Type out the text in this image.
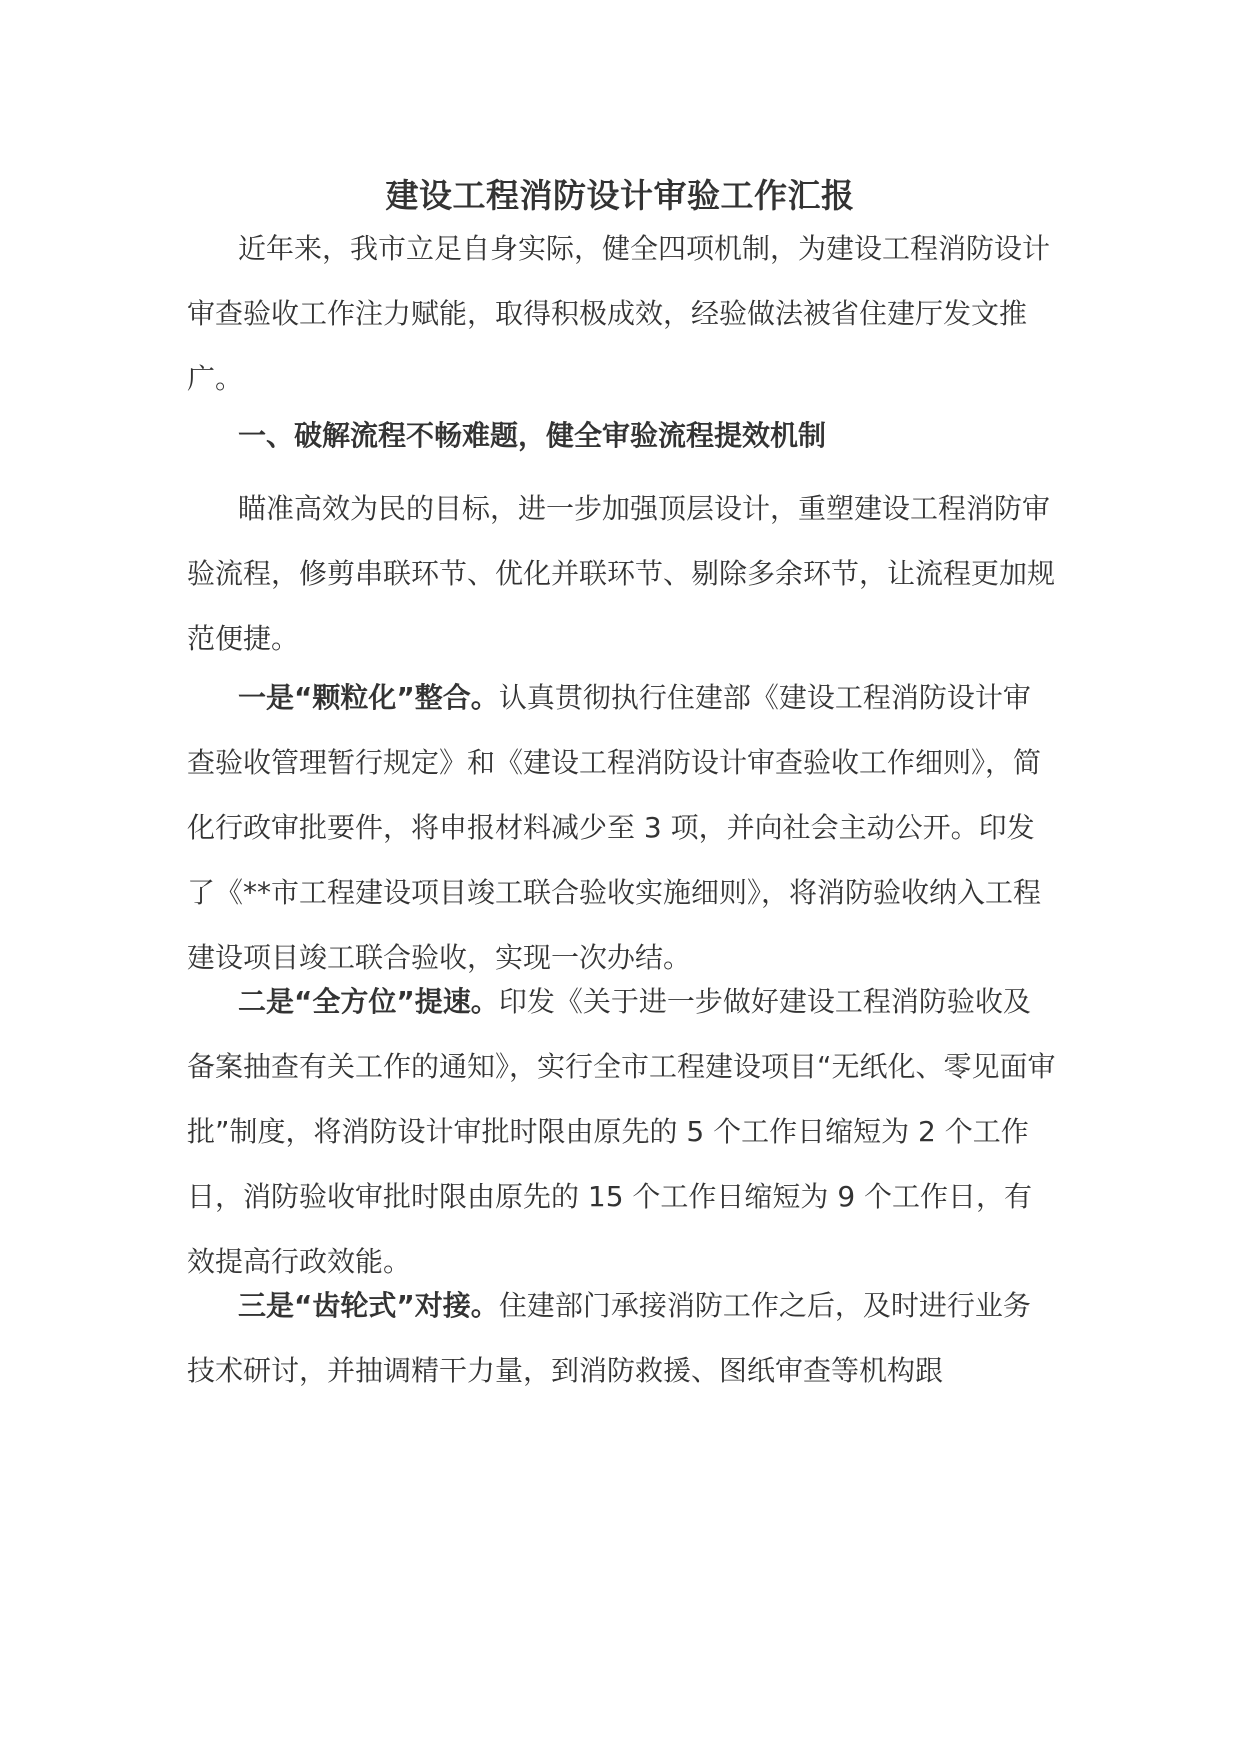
建设工程消防设计审验工作汇报

近年来，我市立足自身实际，健全四项机制，为建设工程消防设计审查验收工作注力赋能，取得积极成效，经验做法被省住建厅发文推广。

一、破解流程不畅难题，健全审验流程提效机制

瞄准高效为民的目标，进一步加强顶层设计，重塑建设工程消防审验流程，修剪串联环节、优化并联环节、剔除多余环节，让流程更加规范便捷。

一是“颗粒化”整合。认真贯彻执行住建部《建设工程消防设计审查验收管理暂行规定》和《建设工程消防设计审查验收工作细则》，简化行政审批要件，将申报材料减少至 3 项，并向社会主动公开。印发了《**市工程建设项目竣工联合验收实施细则》，将消防验收纳入工程建设项目竣工联合验收，实现一次办结。

二是“全方位”提速。印发《关于进一步做好建设工程消防验收及备案抽查有关工作的通知》，实行全市工程建设项目“无纸化、零见面审批”制度，将消防设计审批时限由原先的 5 个工作日缩短为 2 个工作日，消防验收审批时限由原先的 15 个工作日缩短为 9 个工作日，有效提高行政效能。

三是“齿轮式”对接。住建部门承接消防工作之后，及时进行业务技术研讨，并抽调精干力量，到消防救援、图纸审查等机构跟
